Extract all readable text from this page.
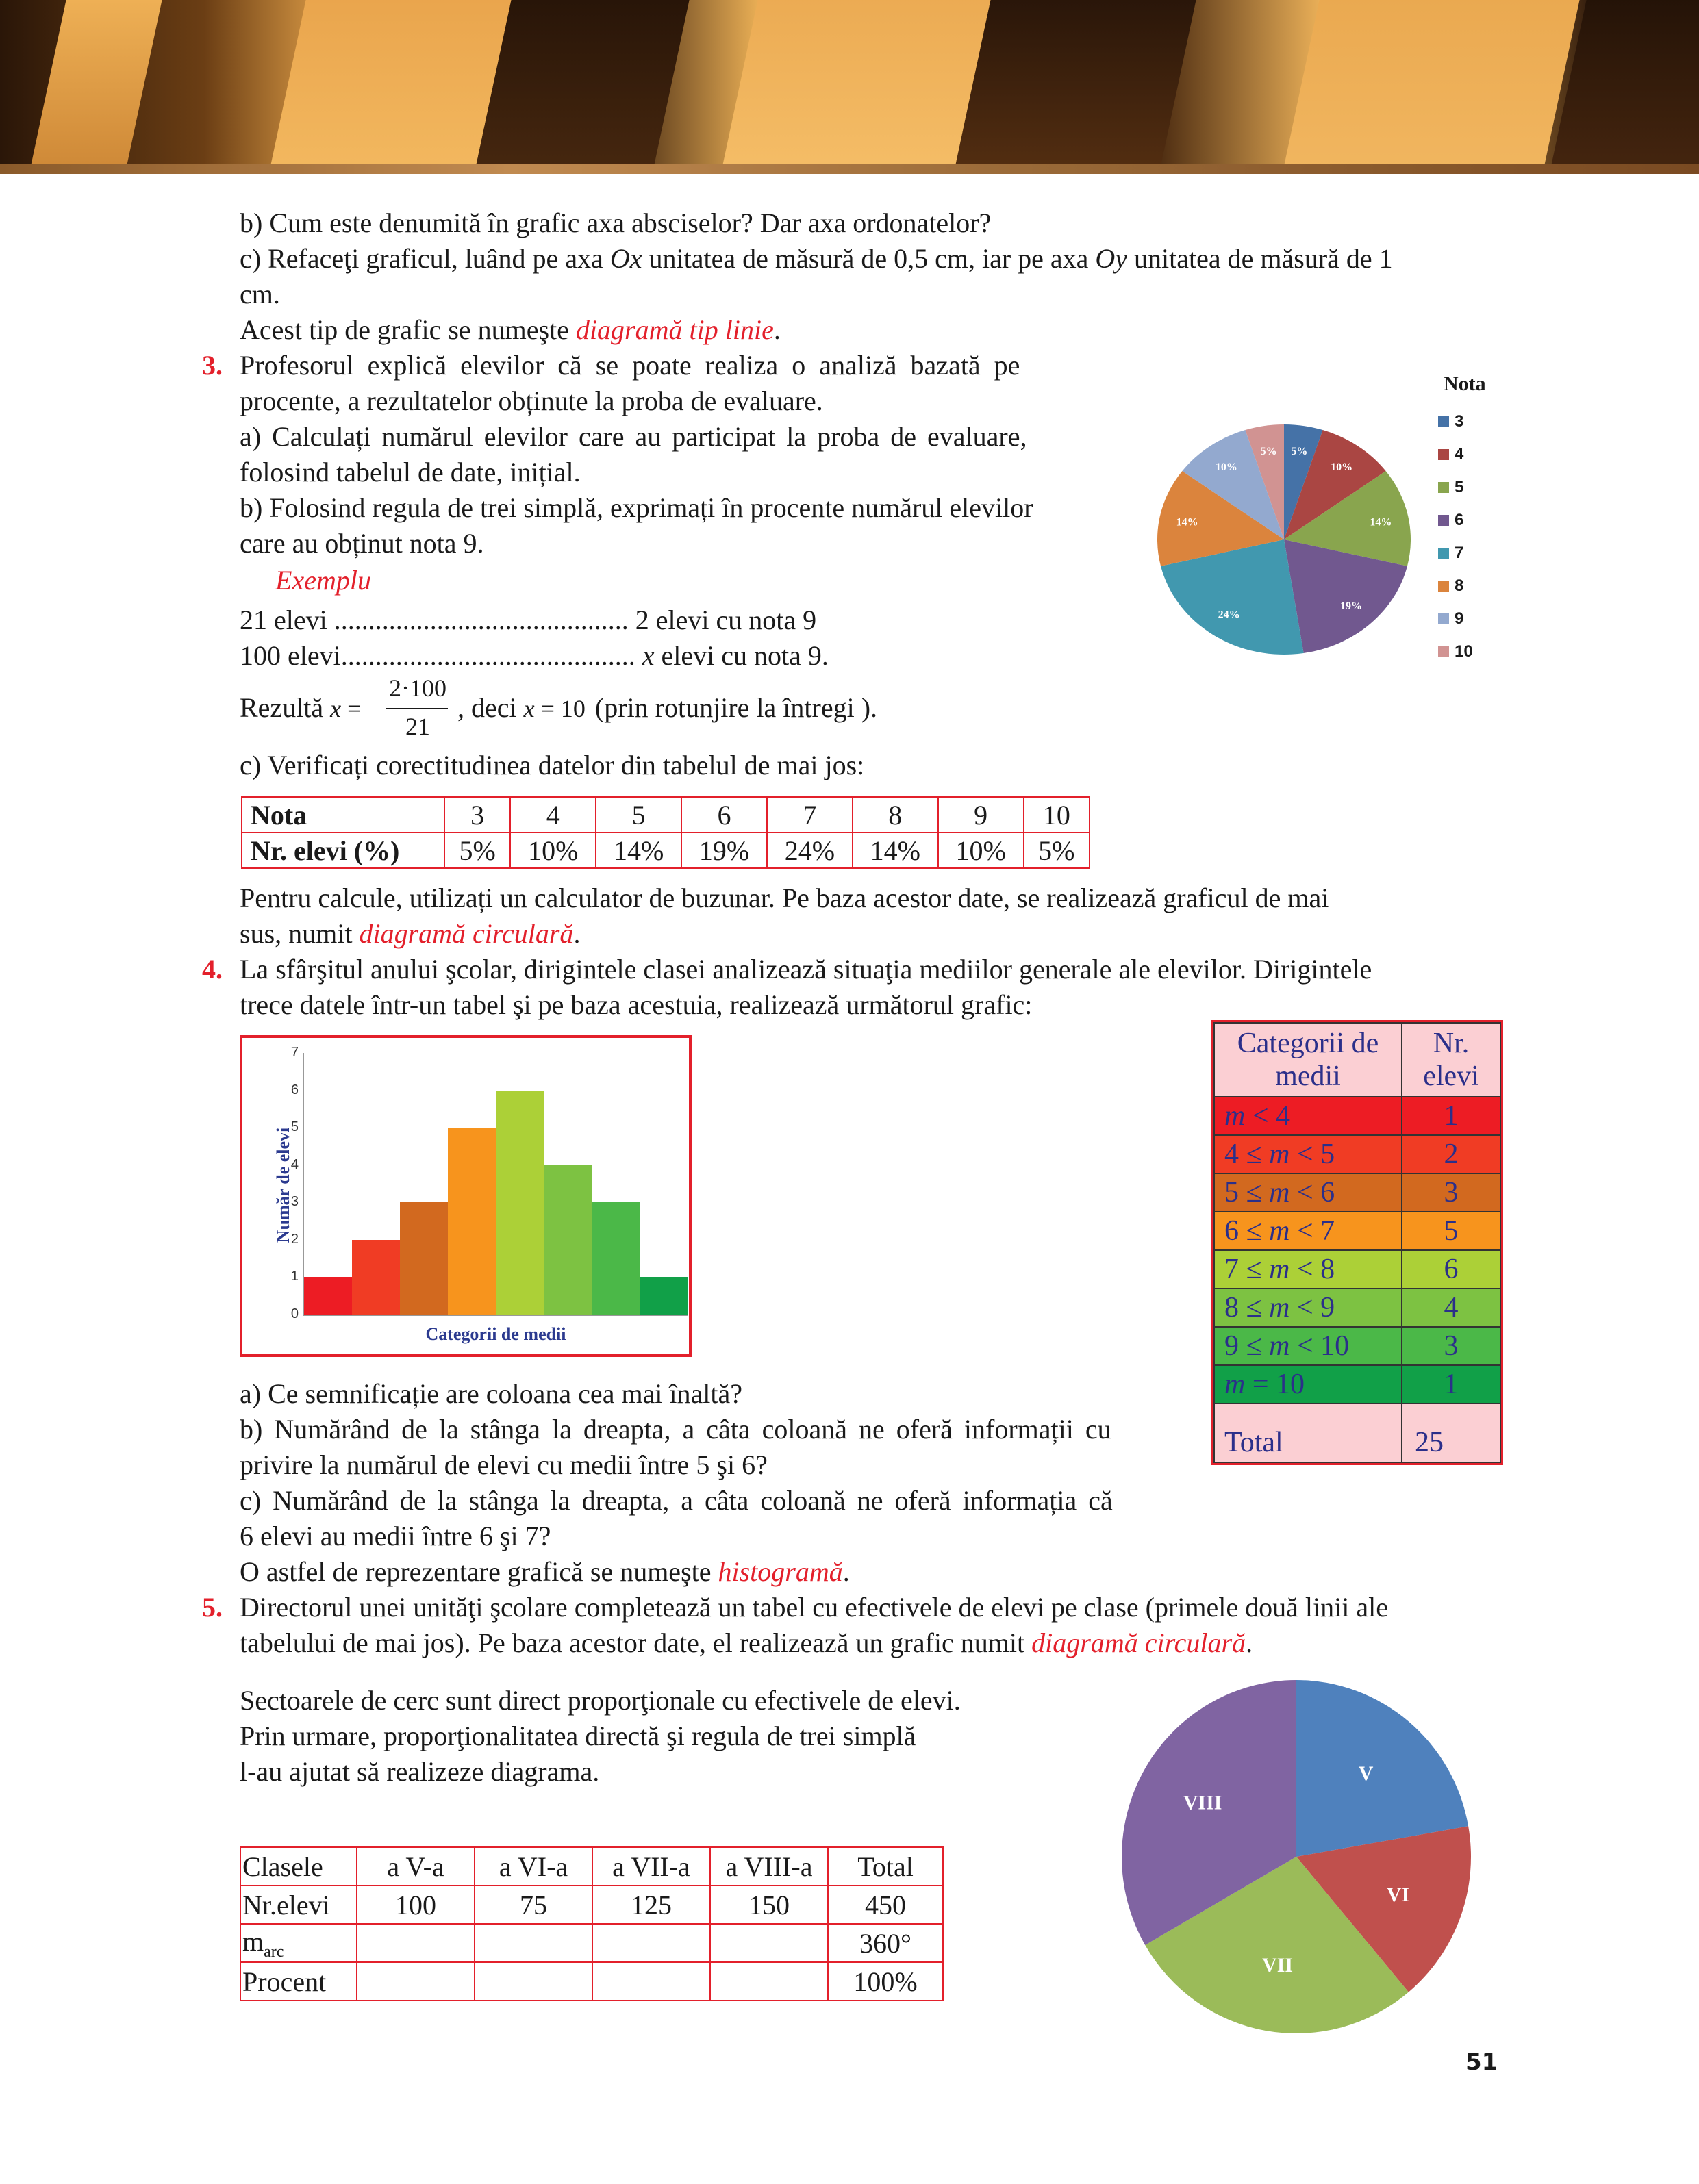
b) Cum este denumită în grafic axa absciselor? Dar axa ordonatelor?
c) Refaceţi graficul, luând pe axa Ox unitatea de măsură de 0,5 cm, iar pe axa Oy unitatea de măsură de 1
cm.
Acest tip de grafic se numeşte diagramă tip linie.
3. Profesorul explică elevilor că se poate realiza o analiză bazată pe
procente, a rezultatelor obținute la proba de evaluare.
a) Calculați numărul elevilor care au participat la proba de evaluare,
folosind tabelul de date, inițial.
b) Folosind regula de trei simplă, exprimați în procente numărul elevilor
care au obținut nota 9.
Exemplu
21 elevi ........................................... 2 elevi cu nota 9
100 elevi........................................... x elevi cu nota 9.
Rezultă x =
2·100
21
, deci x = 10 (prin rotunjire la întregi ).
c) Verificați corectitudinea datelor din tabelul de mai jos:
Nota	3	4	5	6	7	8	9	10
Nr. elevi (%)	5%	10%	14%	19%	24%	14%	10%	5%
Pentru calcule, utilizați un calculator de buzunar. Pe baza acestor date, se realizează graficul de mai
sus, numit diagramă circulară.
5%
10%
14%
19%
24%
14%
10%
5%
Nota
3
4
5
6
7
8
9
10
4. La sfârşitul anului şcolar, dirigintele clasei analizează situaţia mediilor generale ale elevilor. Dirigintele
trece datele într-un tabel şi pe baza acestuia, realizează următorul grafic:
Număr de elevi
0
1
2
3
4
5
6
7
Categorii de medii
Categorii de
medii	Nr.
elevi
m < 4	1
4 ≤ m < 5	2
5 ≤ m < 6	3
6 ≤ m < 7	5
7 ≤ m < 8	6
8 ≤ m < 9	4
9 ≤ m < 10	3
m = 10	1
Total	25
a) Ce semnificație are coloana cea mai înaltă?
b) Numărând de la stânga la dreapta, a câta coloană ne oferă informații cu
privire la numărul de elevi cu medii între 5 şi 6?
c) Numărând de la stânga la dreapta, a câta coloană ne oferă informația că
6 elevi au medii între 6 şi 7?
O astfel de reprezentare grafică se numeşte histogramă.
5. Directorul unei unităţi şcolare completează un tabel cu efectivele de elevi pe clase (primele două linii ale
tabelului de mai jos). Pe baza acestor date, el realizează un grafic numit diagramă circulară.
Sectoarele de cerc sunt direct proporţionale cu efectivele de elevi.
Prin urmare, proporţionalitatea directă şi regula de trei simplă
l-au ajutat să realizeze diagrama.
Clasele	a V-a	a VI-a	a VII-a	a VIII-a	Total
Nr.elevi	100	75	125	150	450
$m_{arc}$					360°
Procent					100%
V
VI
VII
VIII
51
